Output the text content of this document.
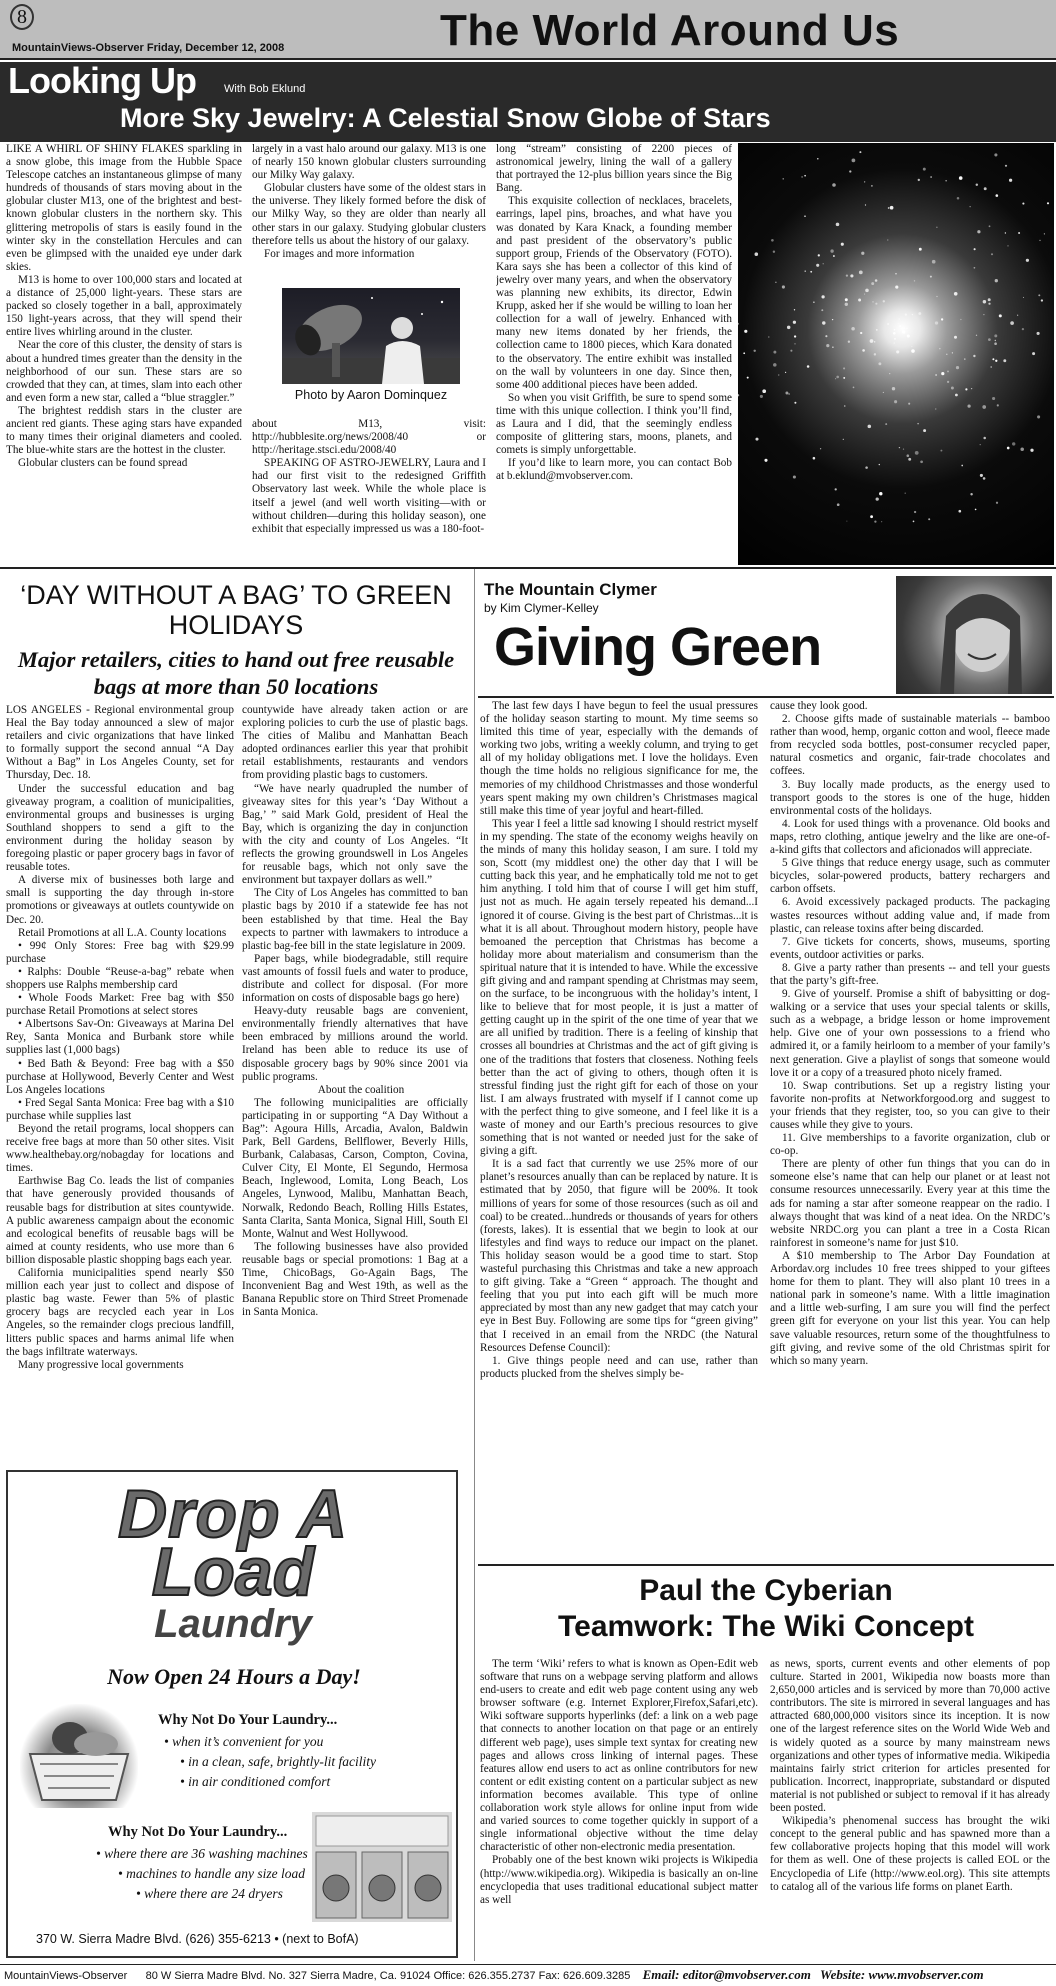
8
MountainViews-Observer Friday, December 12, 2008	The World Around Us
Looking Up	With Bob Eklund
More Sky Jewelry: A Celestial Snow Globe of Stars

LIKE A WHIRL OF SHINY FLAKES sparkling in a snow globe, this image from the Hubble Space Telescope catches an instantaneous glimpse of many hundreds of thousands of stars moving about in the globular cluster M13, one of the brightest and best-known globular clusters in the northern sky. This glittering metropolis of stars is easily found in the winter sky in the constellation Hercules and can even be glimpsed with the unaided eye under dark skies.

M13 is home to over 100,000 stars and located at a distance of 25,000 light-years. These stars are packed so closely together in a ball, approximately 150 light-years across, that they will spend their entire lives whirling around in the cluster.

Near the core of this cluster, the density of stars is about a hundred times greater than the density in the neighborhood of our sun. These stars are so crowded that they can, at times, slam into each other and even form a new star, called a “blue straggler.”

The brightest reddish stars in the cluster are ancient red giants. These aging stars have expanded to many times their original diameters and cooled. The blue-white stars are the hottest in the cluster.

Globular clusters can be found spread

largely in a vast halo around our galaxy. M13 is one of nearly 150 known globular clusters surrounding our Milky Way galaxy.

Globular clusters have some of the oldest stars in the universe. They likely formed before the disk of our Milky Way, so they are older than nearly all other stars in our galaxy. Studying globular clusters therefore tells us about the history of our galaxy.

For images and more information

Photo by Aaron Dominquez

about M13, visit: http://hubblesite.org/news/2008/40 or http://heritage.stsci.edu/2008/40

SPEAKING OF ASTRO-JEWELRY, Laura and I had our first visit to the redesigned Griffith Observatory last week. While the whole place is itself a jewel (and well worth visiting—with or without children—during this holiday season), one exhibit that especially impressed us was a 180-foot-

long “stream” consisting of 2200 pieces of astronomical jewelry, lining the wall of a gallery that portrayed the 12-plus billion years since the Big Bang.

This exquisite collection of necklaces, bracelets, earrings, lapel pins, broaches, and what have you was donated by Kara Knack, a founding member and past president of the observatory’s public support group, Friends of the Observatory (FOTO). Kara says she has been a collector of this kind of jewelry over many years, and when the observatory was planning new exhibits, its director, Edwin Krupp, asked her if she would be willing to loan her collection for a wall of jewelry. Enhanced with many new items donated by her friends, the collection came to 1800 pieces, which Kara donated to the observatory. The entire exhibit was installed on the wall by volunteers in one day. Since then, some 400 additional pieces have been added.

So when you visit Griffith, be sure to spend some time with this unique collection. I think you’ll find, as Laura and I did, that the seemingly endless composite of glittering stars, moons, planets, and comets is simply unforgettable.

If you’d like to learn more, you can contact Bob at b.eklund@mvobserver.com.

‘DAY WITHOUT A BAG’ TO GREEN HOLIDAYS
Major retailers, cities to hand out free reusable bags at more than 50 locations

LOS ANGELES - Regional environmental group Heal the Bay today announced a slew of major retailers and civic organizations that have linked to formally support the second annual “A Day Without a Bag” in Los Angeles County, set for Thursday, Dec. 18.

Under the successful education and bag giveaway program, a coalition of municipalities, environmental groups and businesses is urging Southland shoppers to send a gift to the environment during the holiday season by foregoing plastic or paper grocery bags in favor of reusable totes.

A diverse mix of businesses both large and small is supporting the day through in-store promotions or giveaways at outlets countywide on Dec. 20.

Retail Promotions at all L.A. County locations

• 99¢ Only Stores: Free bag with $29.99 purchase

• Ralphs: Double “Reuse-a-bag” rebate when shoppers use Ralphs membership card

• Whole Foods Market: Free bag with $50 purchase Retail Promotions at select stores

• Albertsons Sav-On: Giveaways at Marina Del Rey, Santa Monica and Burbank store while supplies last (1,000 bags)

• Bed Bath & Beyond: Free bag with a $50 purchase at Hollywood, Beverly Center and West Los Angeles locations

• Fred Segal Santa Monica: Free bag with a $10 purchase while supplies last

Beyond the retail programs, local shoppers can receive free bags at more than 50 other sites. Visit www.healthebay.org/nobagday for locations and times.

Earthwise Bag Co. leads the list of companies that have generously provided thousands of reusable bags for distribution at sites countywide. A public awareness campaign about the economic and ecological benefits of reusable bags will be aimed at county residents, who use more than 6 billion disposable plastic shopping bags each year.

California municipalities spend nearly $50 million each year just to collect and dispose of plastic bag waste. Fewer than 5% of plastic grocery bags are recycled each year in Los Angeles, so the remainder clogs precious landfill, litters public spaces and harms animal life when the bags infiltrate waterways.

Many progressive local governments

countywide have already taken action or are exploring policies to curb the use of plastic bags. The cities of Malibu and Manhattan Beach adopted ordinances earlier this year that prohibit retail establishments, restaurants and vendors from providing plastic bags to customers.

“We have nearly quadrupled the number of giveaway sites for this year’s ‘Day Without a Bag,’ ” said Mark Gold, president of Heal the Bay, which is organizing the day in conjunction with the city and county of Los Angeles. “It reflects the growing groundswell in Los Angeles for reusable bags, which not only save the environment but taxpayer dollars as well.”

The City of Los Angeles has committed to ban plastic bags by 2010 if a statewide fee has not been established by that time. Heal the Bay expects to partner with lawmakers to introduce a plastic bag-fee bill in the state legislature in 2009.

Paper bags, while biodegradable, still require vast amounts of fossil fuels and water to produce, distribute and collect for disposal. (For more information on costs of disposable bags go here)

Heavy-duty reusable bags are convenient, environmentally friendly alternatives that have been embraced by millions around the world. Ireland has been able to reduce its use of disposable grocery bags by 90% since 2001 via public programs.

About the coalition

The following municipalities are officially participating in or supporting “A Day Without a Bag”: Agoura Hills, Arcadia, Avalon, Baldwin Park, Bell Gardens, Bellflower, Beverly Hills, Burbank, Calabasas, Carson, Compton, Covina, Culver City, El Monte, El Segundo, Hermosa Beach, Inglewood, Lomita, Long Beach, Los Angeles, Lynwood, Malibu, Manhattan Beach, Norwalk, Redondo Beach, Rolling Hills Estates, Santa Clarita, Santa Monica, Signal Hill, South El Monte, Walnut and West Hollywood.

The following businesses have also provided reusable bags or special promotions: 1 Bag at a Time, ChicoBags, Go-Again Bags, The Inconvenient Bag and West 19th, as well as the Banana Republic store on Third Street Promenade in Santa Monica.

Drop A
Load
Laundry
Now Open 24 Hours a Day!
Why Not Do Your Laundry...
• when it’s convenient for you
• in a clean, safe, brightly-lit facility
• in air conditioned comfort
Why Not Do Your Laundry...
• where there are 36 washing machines
• machines to handle any size load
• where there are 24 dryers
370 W. Sierra Madre Blvd. (626) 355-6213 • (next to BofA)
The Mountain Clymer
by Kim Clymer-Kelley
Giving Green

The last few days I have begun to feel the usual pressures of the holiday season starting to mount. My time seems so limited this time of year, especially with the demands of working two jobs, writing a weekly column, and trying to get all of my holiday obligations met. I love the holidays. Even though the time holds no religious significance for me, the memories of my childhood Christmasses and those wonderful years spent making my own children’s Christmases magical still make this time of year joyful and heart-filled.

This year I feel a little sad knowing I should restrict myself in my spending. The state of the economy weighs heavily on the minds of many this holiday season, I am sure. I told my son, Scott (my middlest one) the other day that I will be cutting back this year, and he emphatically told me not to get him anything. I told him that of course I will get him stuff, just not as much. He again tersely repeated his demand...I ignored it of course. Giving is the best part of Christmas...it is what it is all about. Throughout modern history, people have bemoaned the perception that Christmas has become a holiday more about materialism and consumerism than the spiritual nature that it is intended to have. While the excessive gift giving and and rampant spending at Christmas may seem, on the surface, to be incongruous with the holiday’s intent, I like to believe that for most people, it is just a matter of getting caught up in the spirit of the one time of year that we are all unified by tradition. There is a feeling of kinship that crosses all boundries at Christmas and the act of gift giving is one of the traditions that fosters that closeness. Nothing feels better than the act of giving to others, though often it is stressful finding just the right gift for each of those on your list. I am always frustrated with myself if I cannot come up with the perfect thing to give someone, and I feel like it is a waste of money and our Earth’s precious resources to give something that is not wanted or needed just for the sake of giving a gift.

It is a sad fact that currently we use 25% more of our planet’s resources anually than can be replaced by nature. It is estimated that by 2050, that figure will be 200%. It took millions of years for some of those resources (such as oil and coal) to be created...hundreds or thousands of years for others (forests, lakes). It is essential that we begin to look at our lifestyles and find ways to reduce our impact on the planet. This holiday season would be a good time to start. Stop wasteful purchasing this Christmas and take a new approach to gift giving. Take a “Green “ approach. The thought and feeling that you put into each gift will be much more appreciated by most than any new gadget that may catch your eye in Best Buy. Following are some tips for “green giving” that I received in an email from the NRDC (the Natural Resources Defense Council):

1. Give things people need and can use, rather than products plucked from the shelves simply be-

cause they look good.

2. Choose gifts made of sustainable materials -- bamboo rather than wood, hemp, organic cotton and wool, fleece made from recycled soda bottles, post-consumer recycled paper, natural cosmetics and organic, fair-trade chocolates and coffees.

3. Buy locally made products, as the energy used to transport goods to the stores is one of the huge, hidden environmental costs of the holidays.

4. Look for used things with a provenance. Old books and maps, retro clothing, antique jewelry and the like are one-of-a-kind gifts that collectors and aficionados will appreciate.

5 Give things that reduce energy usage, such as commuter bicycles, solar-powered products, battery rechargers and carbon offsets.

6. Avoid excessively packaged products. The packaging wastes resources without adding value and, if made from plastic, can release toxins after being discarded.

7. Give tickets for concerts, shows, museums, sporting events, outdoor activities or parks.

8. Give a party rather than presents -- and tell your guests that the party’s gift-free.

9. Give of yourself. Promise a shift of babysitting or dog-walking or a service that uses your special talents or skills, such as a webpage, a bridge lesson or home improvement help. Give one of your own possessions to a friend who admired it, or a family heirloom to a member of your family’s next generation. Give a playlist of songs that someone would love it or a copy of a treasured photo nicely framed.

10. Swap contributions. Set up a registry listing your favorite non-profits at Networkforgood.org and suggest to your friends that they register, too, so you can give to their causes while they give to yours.

11. Give memberships to a favorite organization, club or co-op.

There are plenty of other fun things that you can do in someone else’s name that can help our planet or at least not consume resources unnecessarily. Every year at this time the ads for naming a star after someone reappear on the radio. I always thought that was kind of a neat idea. On the NRDC’s website NRDC.org you can plant a tree in a Costa Rican rainforest in someone’s name for just $10.

A $10 membership to The Arbor Day Foundation at Arbordav.org includes 10 free trees shipped to your giftees home for them to plant. They will also plant 10 trees in a national park in someone’s name. With a little imagination and a little web-surfing, I am sure you will find the perfect green gift for everyone on your list this year. You can help save valuable resources, return some of the thoughtfulness to gift giving, and revive some of the old Christmas spirit for which so many yearn.

Paul the Cyberian
Teamwork: The Wiki Concept

The term ‘Wiki’ refers to what is known as Open-Edit web software that runs on a webpage serving platform and allows end-users to create and edit web page content using any web browser software (e.g. Internet Explorer,Firefox,Safari,etc). Wiki software supports hyperlinks (def: a link on a web page that connects to another location on that page or an entirely different web page), uses simple text syntax for creating new pages and allows cross linking of internal pages. These features allow end users to act as online contributors for new content or edit existing content on a particular subject as new information becomes available. This type of online collaboration work style allows for online input from wide and varied sources to come together quickly in support of a single informational objective without the time delay characteristic of other non-electronic media presentation.

Probably one of the best known wiki projects is Wikipedia (http://www.wikipedia.org). Wikipedia is basically an on-line encyclopedia that uses traditional educational subject matter as well

as news, sports, current events and other elements of pop culture. Started in 2001, Wikipedia now boasts more than 2,650,000 articles and is serviced by more than 70,000 active contributors. The site is mirrored in several languages and has attracted 680,000,000 visitors since its inception. It is now one of the largest reference sites on the World Wide Web and is widely quoted as a source by many mainstream news organizations and other types of informative media. Wikipedia maintains fairly strict criterion for articles presented for publication. Incorrect, inappropriate, substandard or disputed material is not published or subject to removal if it has already been posted.

Wikipedia’s phenomenal success has brought the wiki concept to the general public and has spawned more than a few collaborative projects hoping that this model will work for them as well. One of these projects is called EOL or the Encyclopedia of Life (http://www.eol.org). This site attempts to catalog all of the various life forms on planet Earth.

MountainViews-Observer 80 W Sierra Madre Blvd. No. 327 Sierra Madre, Ca. 91024 Office: 626.355.2737 Fax: 626.609.3285 Email: editor@mvobserver.com Website: www.mvobserver.com
